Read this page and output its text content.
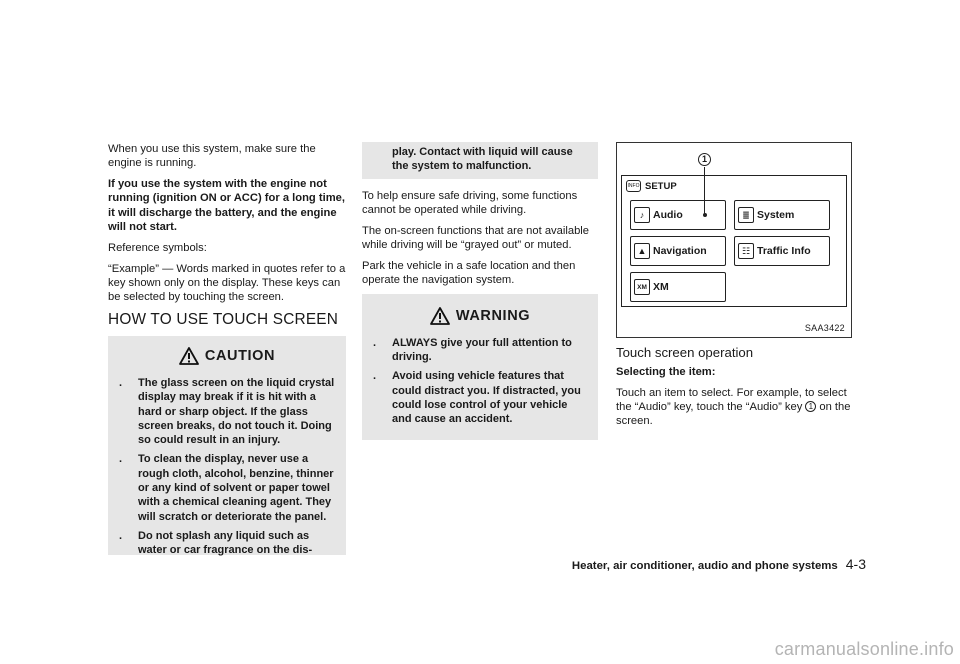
When you use this system, make sure the engine is running.

If you use the system with the engine not running (ignition ON or ACC) for a long time, it will discharge the battery, and the engine will not start.

Reference symbols:

“Example” — Words marked in quotes refer to a key shown only on the display. These keys can be selected by touching the screen.

HOW TO USE TOUCH SCREEN
CAUTION
. The glass screen on the liquid crystal display may break if it is hit with a hard or sharp object. If the glass screen breaks, do not touch it. Doing so could result in an injury.
. To clean the display, never use a rough cloth, alcohol, benzine, thinner or any kind of solvent or paper towel with a chemical cleaning agent. They will scratch or deteriorate the panel.
. Do not splash any liquid such as water or car fragrance on the dis-
play. Contact with liquid will cause the system to malfunction.

To help ensure safe driving, some functions cannot be operated while driving.

The on-screen functions that are not available while driving will be “grayed out” or muted.

Park the vehicle in a safe location and then operate the navigation system.

WARNING
. ALWAYS give your full attention to driving.
. Avoid using vehicle features that could distract you. If distracted, you could lose control of your vehicle and cause an accident.
1
INFO SETUP
♪ Audio	≣ System
▲ Navigation	☷ Traffic Info
XM XM
SAA3422
Touch screen operation

Selecting the item:

Touch an item to select. For example, to select the “Audio” key, touch the “Audio” key 1 on the screen.

Heater, air conditioner, audio and phone systems 4-3
carmanualsonline.info
